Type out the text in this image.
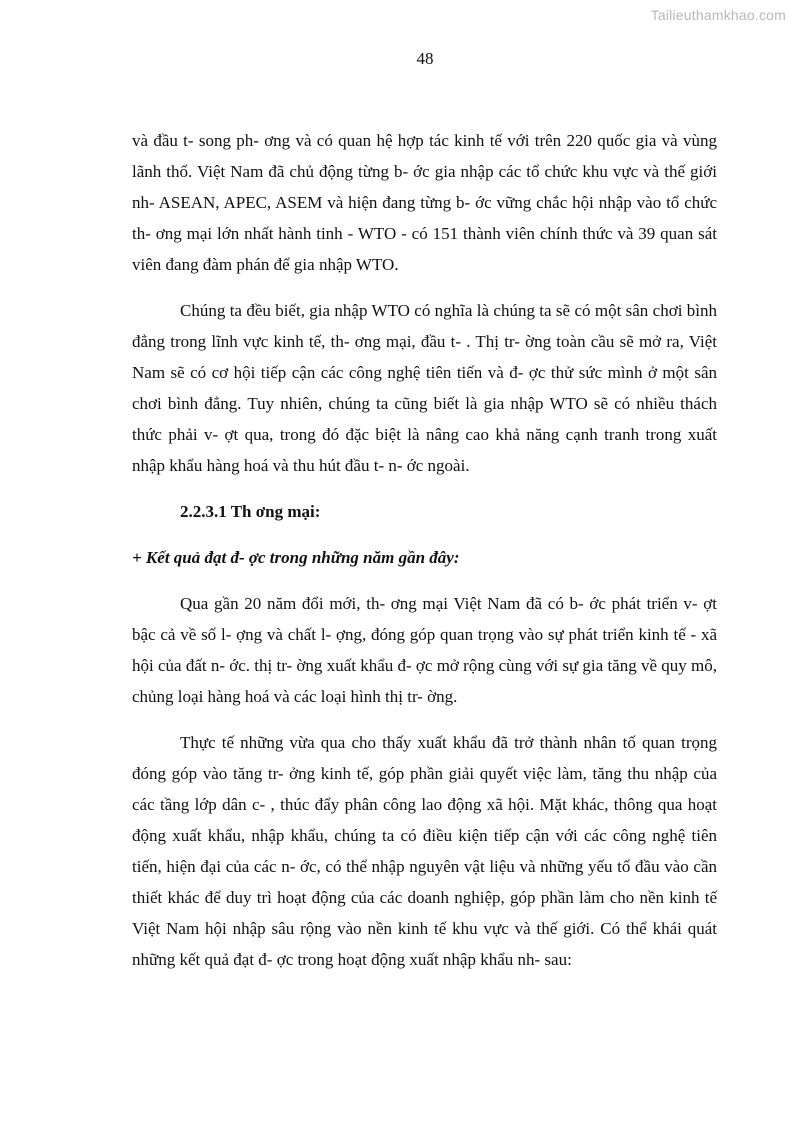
Tailieuthamkhao.com
48

và đầu t- song ph- ơng và có quan hệ hợp tác kinh tế với trên 220 quốc gia và vùng lãnh thổ. Việt Nam đã chủ động từng b- ớc gia nhập các tổ chức khu vực và thế giới nh- ASEAN, APEC, ASEM và hiện đang từng b- ớc vững chắc hội nhập vào tổ chức th- ơng mại lớn nhất hành tinh - WTO - có 151 thành viên chính thức và 39 quan sát viên đang đàm phán để gia nhập WTO.

Chúng ta đều biết, gia nhập WTO có nghĩa là chúng ta sẽ có một sân chơi bình đẳng trong lĩnh vực kinh tế, th- ơng mại, đầu t- . Thị tr- ờng toàn cầu sẽ mở ra, Việt Nam sẽ có cơ hội tiếp cận các công nghệ tiên tiến và đ- ợc thử sức mình ở một sân chơi bình đẳng. Tuy nhiên, chúng ta cũng biết là gia nhập WTO sẽ có nhiều thách thức phải v- ợt qua, trong đó đặc biệt là nâng cao khả năng cạnh tranh trong xuất nhập khẩu hàng hoá và thu hút đầu t- n- ớc ngoài.

2.2.3.1 Th ơng mại:

+ Kết quả đạt đ- ợc trong những năm gần đây:

Qua gần 20 năm đổi mới, th- ơng mại Việt Nam đã có b- ớc phát triển v- ợt bậc cả về số l- ợng và chất l- ợng, đóng góp quan trọng vào sự phát triển kinh tế - xã hội của đất n- ớc. thị tr- ờng xuất khẩu đ- ợc mở rộng cùng với sự gia tăng về quy mô, chủng loại hàng hoá và các loại hình thị tr- ờng.

Thực tế những vừa qua cho thấy xuất khẩu đã trở thành nhân tố quan trọng đóng góp vào tăng tr- ởng kinh tế, góp phần giải quyết việc làm, tăng thu nhập của các tầng lớp dân c- , thúc đẩy phân công lao động xã hội. Mặt khác, thông qua hoạt động xuất khẩu, nhập khẩu, chúng ta có điều kiện tiếp cận với các công nghệ tiên tiến, hiện đại của các n- ớc, có thể nhập nguyên vật liệu và những yếu tố đầu vào cần thiết khác để duy trì hoạt động của các doanh nghiệp, góp phần làm cho nền kinh tế Việt Nam hội nhập sâu rộng vào nền kinh tế khu vực và thế giới. Có thể khái quát những kết quả đạt đ- ợc trong hoạt động xuất nhập khẩu nh- sau:
